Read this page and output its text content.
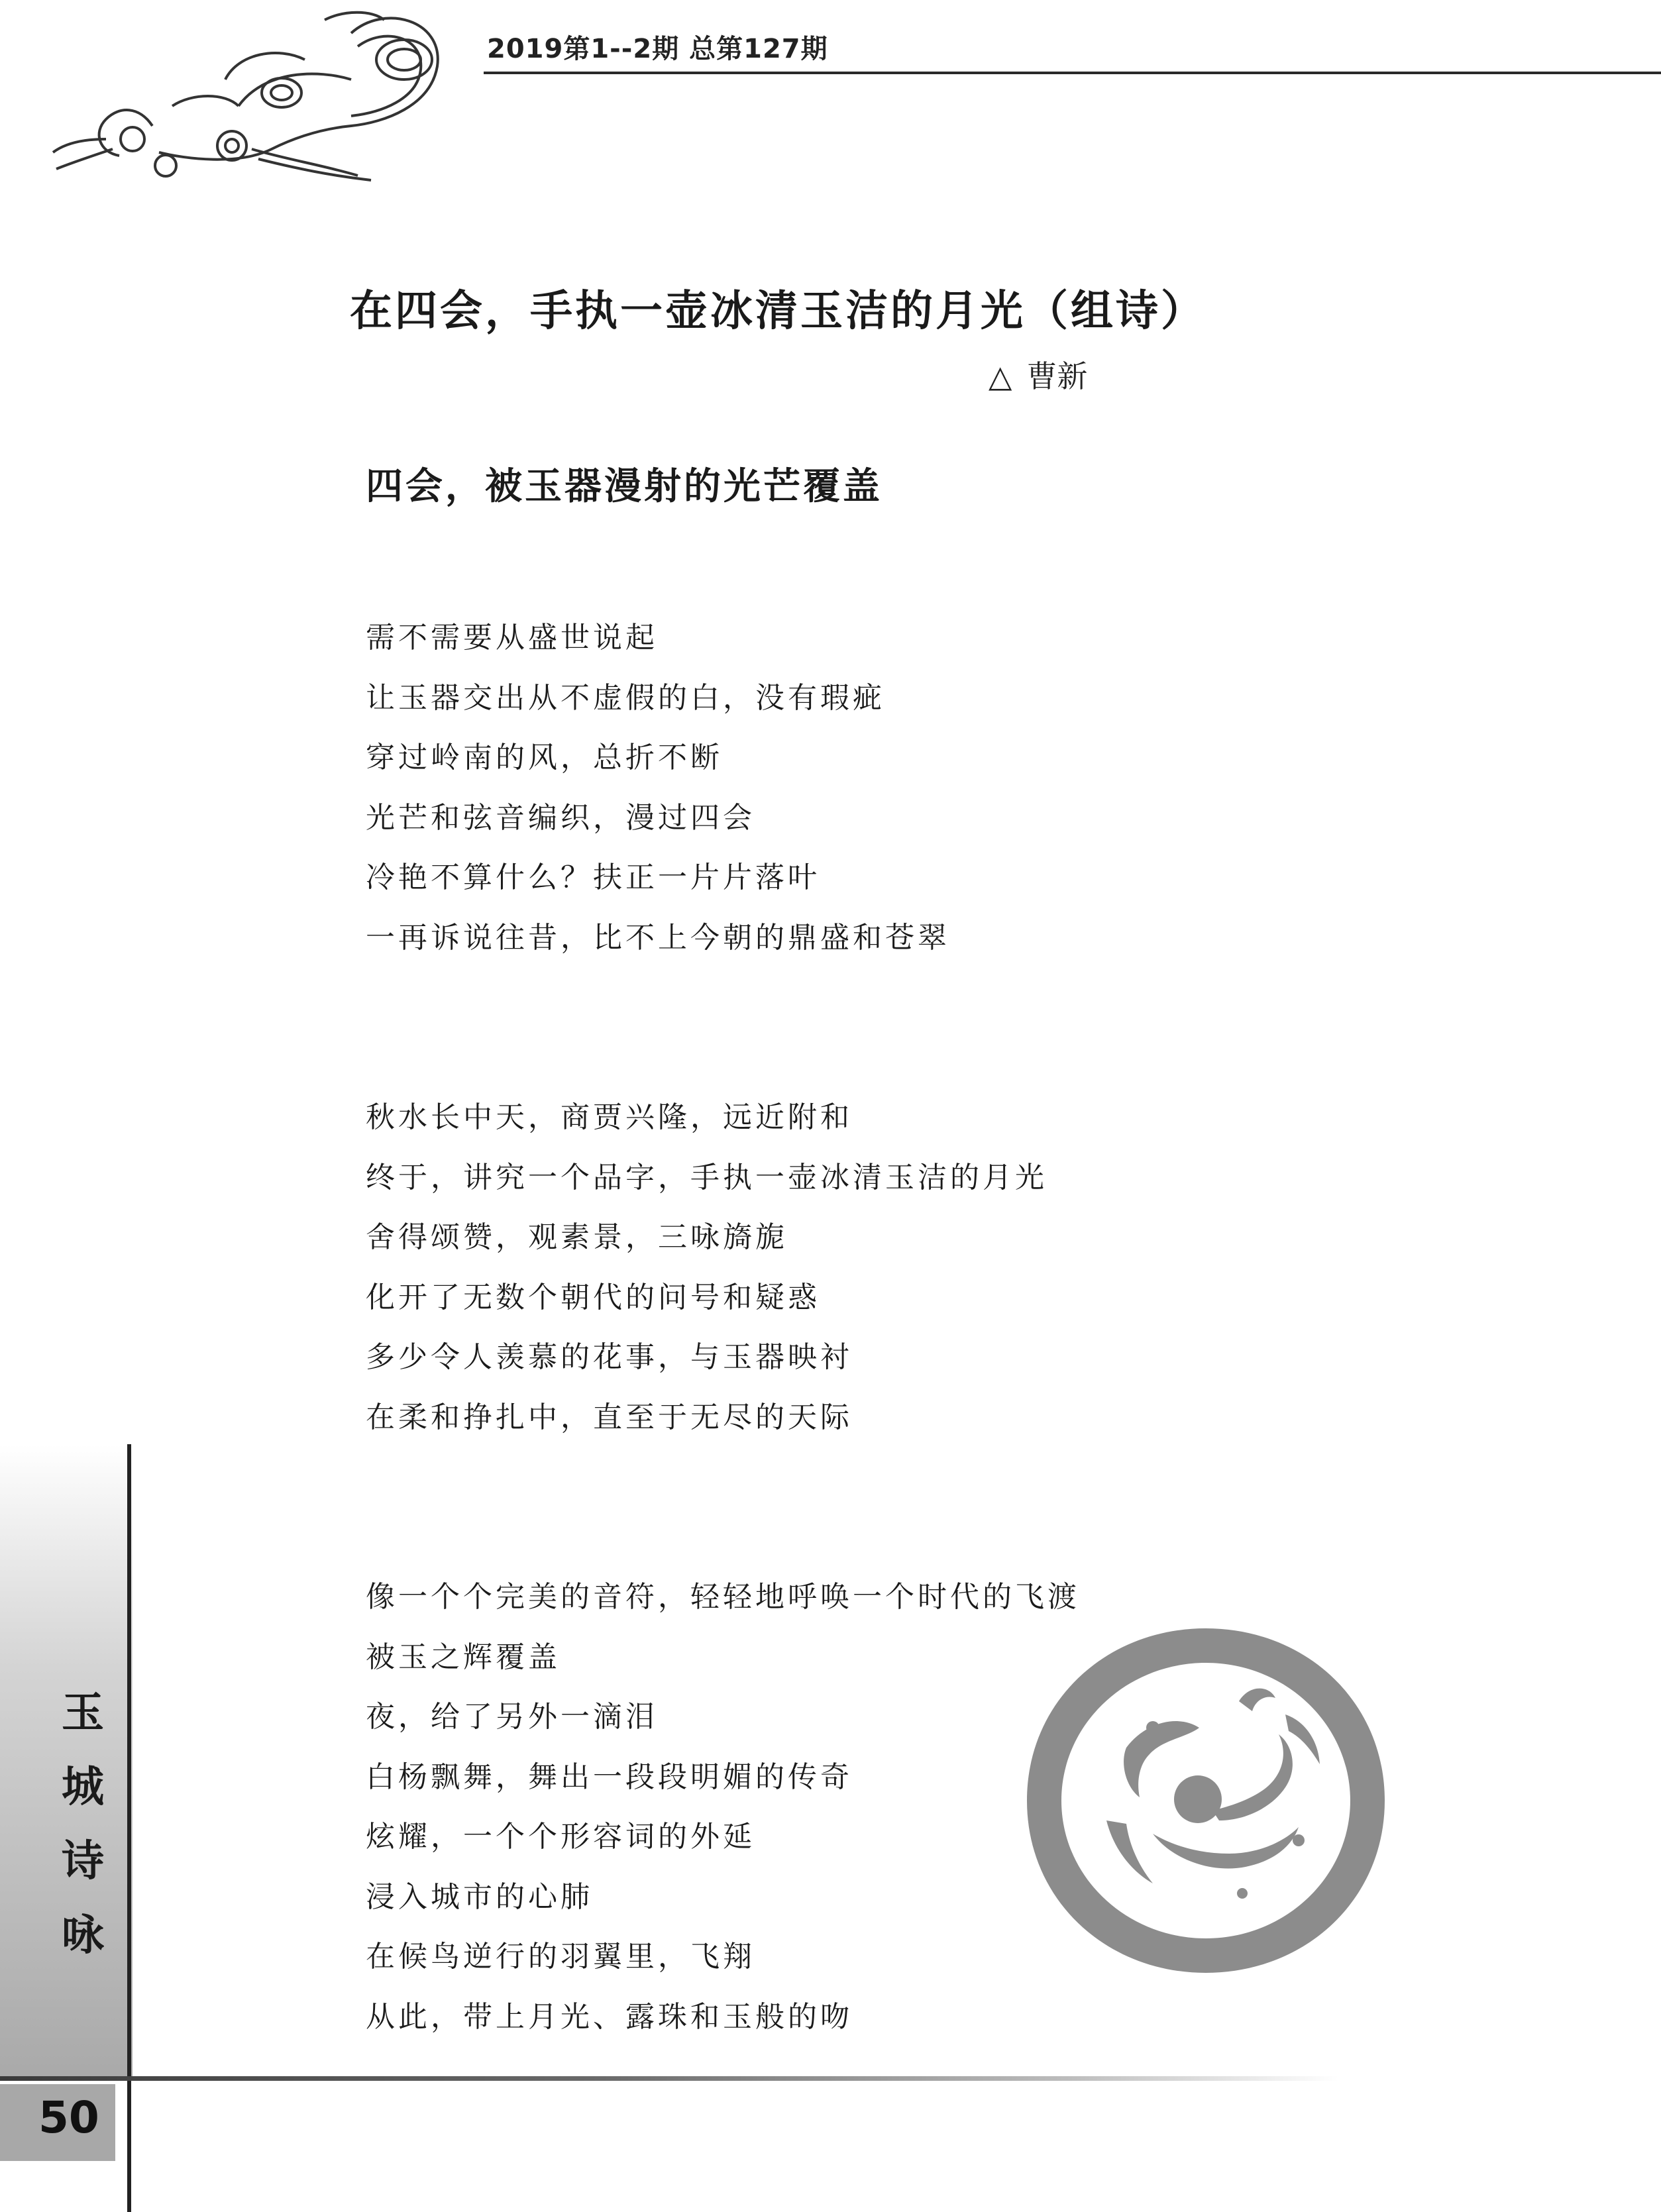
2019第1--2期 总第127期
在四会，手执一壶冰清玉洁的月光（组诗）
△ 曹新
四会，被玉器漫射的光芒覆盖
需不需要从盛世说起
让玉器交出从不虚假的白，没有瑕疵
穿过岭南的风，总折不断
光芒和弦音编织，漫过四会
冷艳不算什么？扶正一片片落叶
一再诉说往昔，比不上今朝的鼎盛和苍翠
秋水长中天，商贾兴隆，远近附和
终于，讲究一个品字，手执一壶冰清玉洁的月光
舍得颂赞，观素景，三咏旖旎
化开了无数个朝代的问号和疑惑
多少令人羡慕的花事，与玉器映衬
在柔和挣扎中，直至于无尽的天际
像一个个完美的音符，轻轻地呼唤一个时代的飞渡
被玉之辉覆盖
夜，给了另外一滴泪
白杨飘舞，舞出一段段明媚的传奇
炫耀，一个个形容词的外延
浸入城市的心肺
在候鸟逆行的羽翼里，飞翔
从此，带上月光、露珠和玉般的吻
玉
城
诗
咏
50
